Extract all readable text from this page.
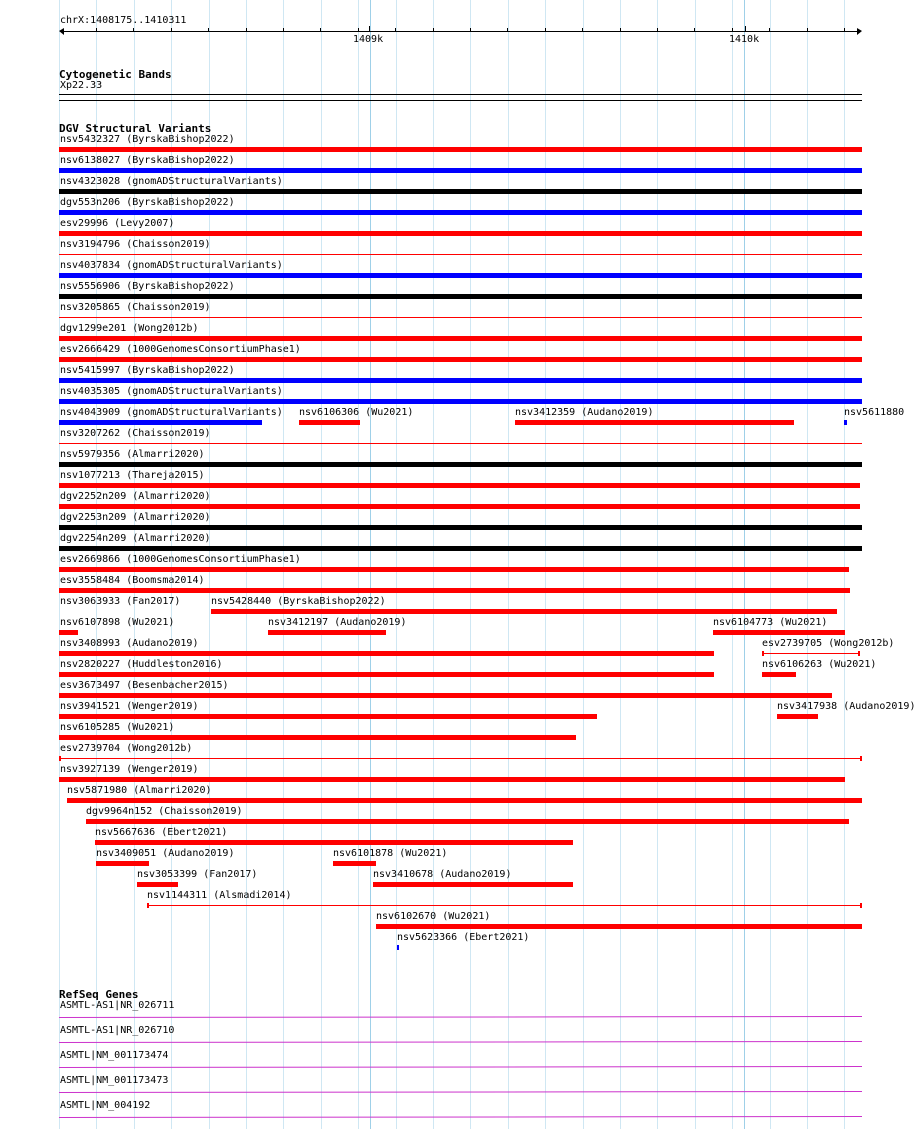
chrX:1408175..1410311
1409k	1410k
Cytogenetic Bands
Xp22.33
DGV Structural Variants
nsv5432327 (ByrskaBishop2022)
nsv6138027 (ByrskaBishop2022)
nsv4323028 (gnomADStructuralVariants)
dgv553n206 (ByrskaBishop2022)
esv29996 (Levy2007)
nsv3194796 (Chaisson2019)
nsv4037834 (gnomADStructuralVariants)
nsv5556906 (ByrskaBishop2022)
nsv3205865 (Chaisson2019)
dgv1299e201 (Wong2012b)
esv2666429 (1000GenomesConsortiumPhase1)
nsv5415997 (ByrskaBishop2022)
nsv4035305 (gnomADStructuralVariants)
nsv4043909 (gnomADStructuralVariants) nsv6106306 (Wu2021)	nsv3412359 (Audano2019)	nsv5611880
nsv3207262 (Chaisson2019)
nsv5979356 (Almarri2020)
nsv1077213 (Thareja2015)
dgv2252n209 (Almarri2020)
dgv2253n209 (Almarri2020)
dgv2254n209 (Almarri2020)
esv2669866 (1000GenomesConsortiumPhase1)
esv3558484 (Boomsma2014)
nsv3063933 (Fan2017)	nsv5428440 (ByrskaBishop2022)
nsv6107898 (Wu2021)	nsv3412197 (Audano2019)	nsv6104773 (Wu2021)
nsv3408993 (Audano2019)	esv2739705 (Wong2012b)
nsv2820227 (Huddleston2016)	nsv6106263 (Wu2021)
esv3673497 (Besenbacher2015)
nsv3941521 (Wenger2019)	nsv3417938 (Audano2019)
nsv6105285 (Wu2021)
esv2739704 (Wong2012b)
nsv3927139 (Wenger2019)
nsv5871980 (Almarri2020)
dgv9964n152 (Chaisson2019)
nsv5667636 (Ebert2021)
nsv3409051 (Audano2019)	nsv6101878 (Wu2021)
nsv3053399 (Fan2017)	nsv3410678 (Audano2019)
nsv1144311 (Alsmadi2014)
nsv6102670 (Wu2021)
nsv5623366 (Ebert2021)
RefSeq Genes
ASMTL-AS1|NR_026711
ASMTL-AS1|NR_026710
ASMTL|NM_001173474
ASMTL|NM_001173473
ASMTL|NM_004192
